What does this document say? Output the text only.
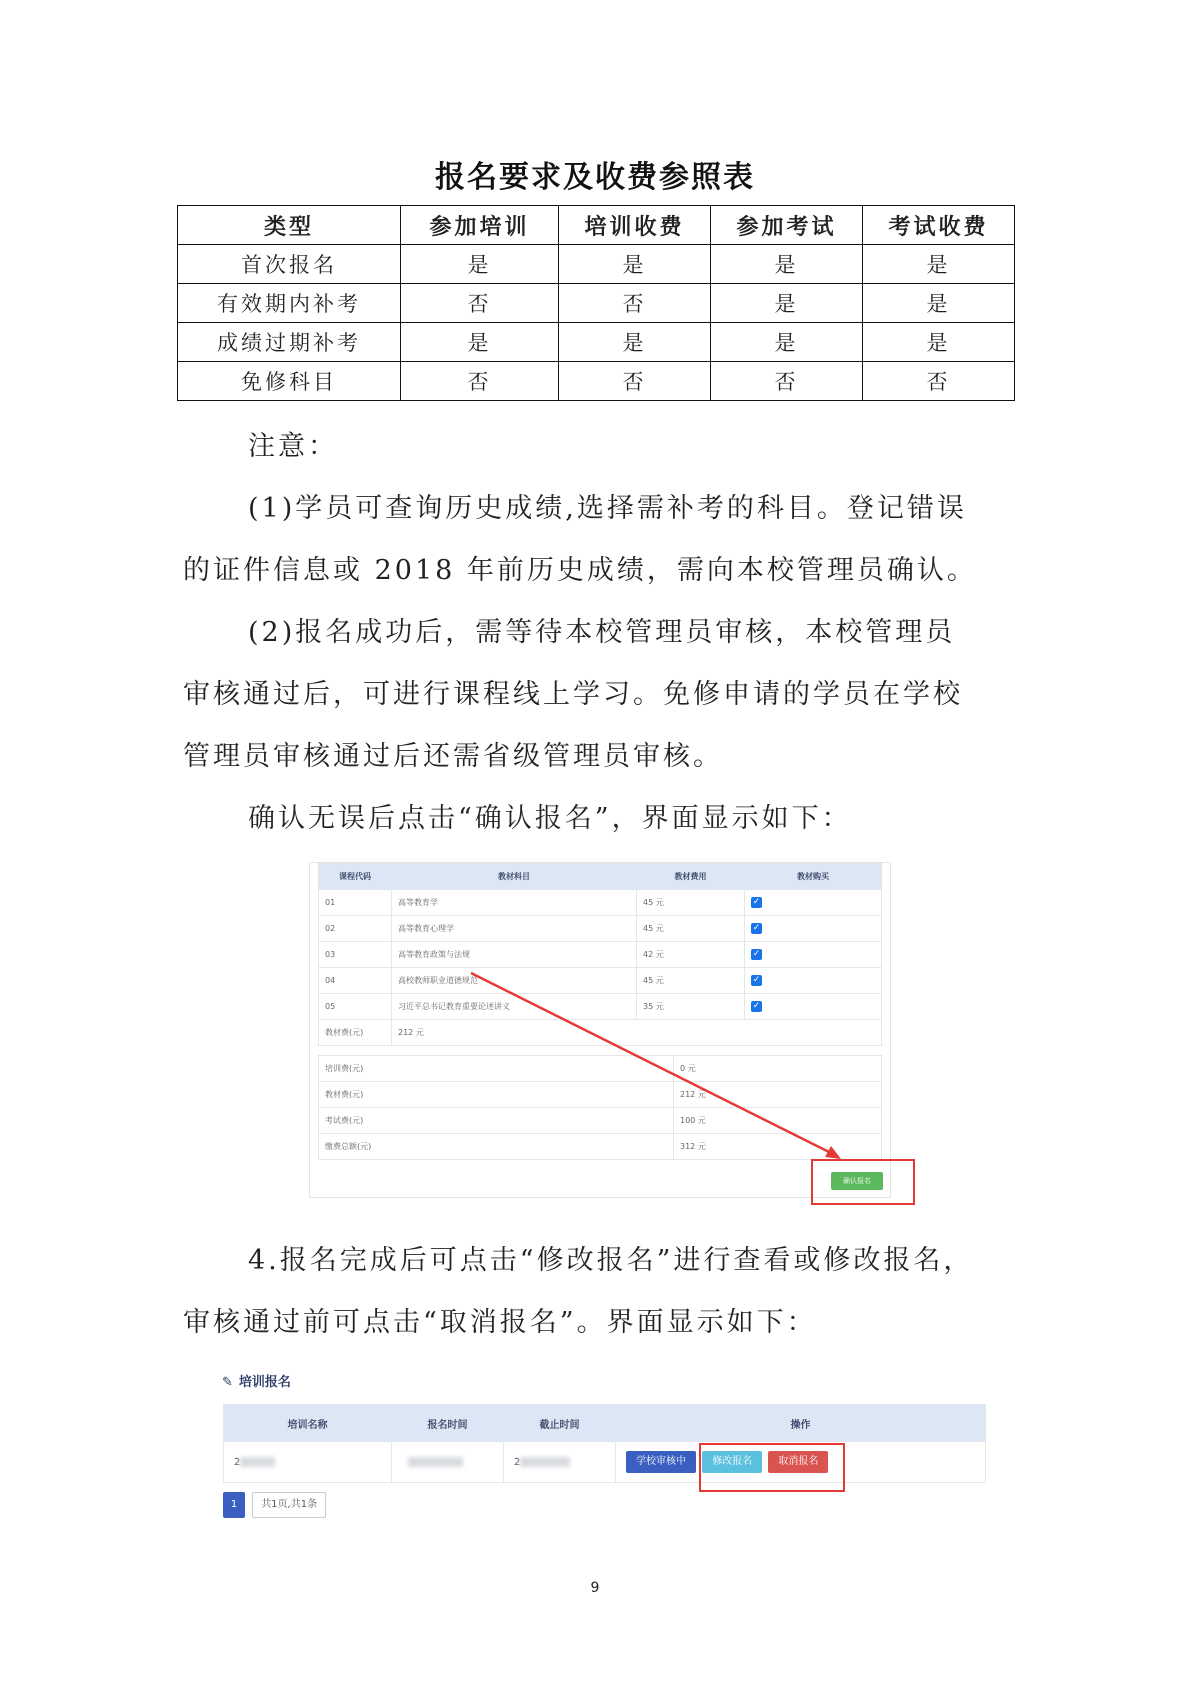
报名要求及收费参照表
类型	参加培训	培训收费	参加考试	考试收费
首次报名	是	是	是	是
有效期内补考	否	否	是	是
成绩过期补考	是	是	是	是
免修科目	否	否	否	否
注意：
(1)学员可查询历史成绩,选择需补考的科目。登记错误
的证件信息或 2018 年前历史成绩，需向本校管理员确认。
(2)报名成功后，需等待本校管理员审核，本校管理员
审核通过后，可进行课程线上学习。免修申请的学员在学校
管理员审核通过后还需省级管理员审核。
确认无误后点击“确认报名”，界面显示如下：
课程代码	教材科目	教材费用	教材购买
01	高等教育学	45 元	✓
02	高等教育心理学	45 元	✓
03	高等教育政策与法规	42 元	✓
04	高校教师职业道德规范	45 元	✓
05	习近平总书记教育重要论述讲义	35 元	✓
教材费(元)	212 元		
培训费(元)	0 元
教材费(元)	212 元
考试费(元)	100 元
缴费总额(元)	312 元
确认报名
4.报名完成后可点击“修改报名”进行查看或修改报名，
审核通过前可点击“取消报名”。界面显示如下：
✎ 培训报名
培训名称	报名时间	截止时间	操作
2		2	学校审核中 修改报名 取消报名
1 共1页,共1条
9
